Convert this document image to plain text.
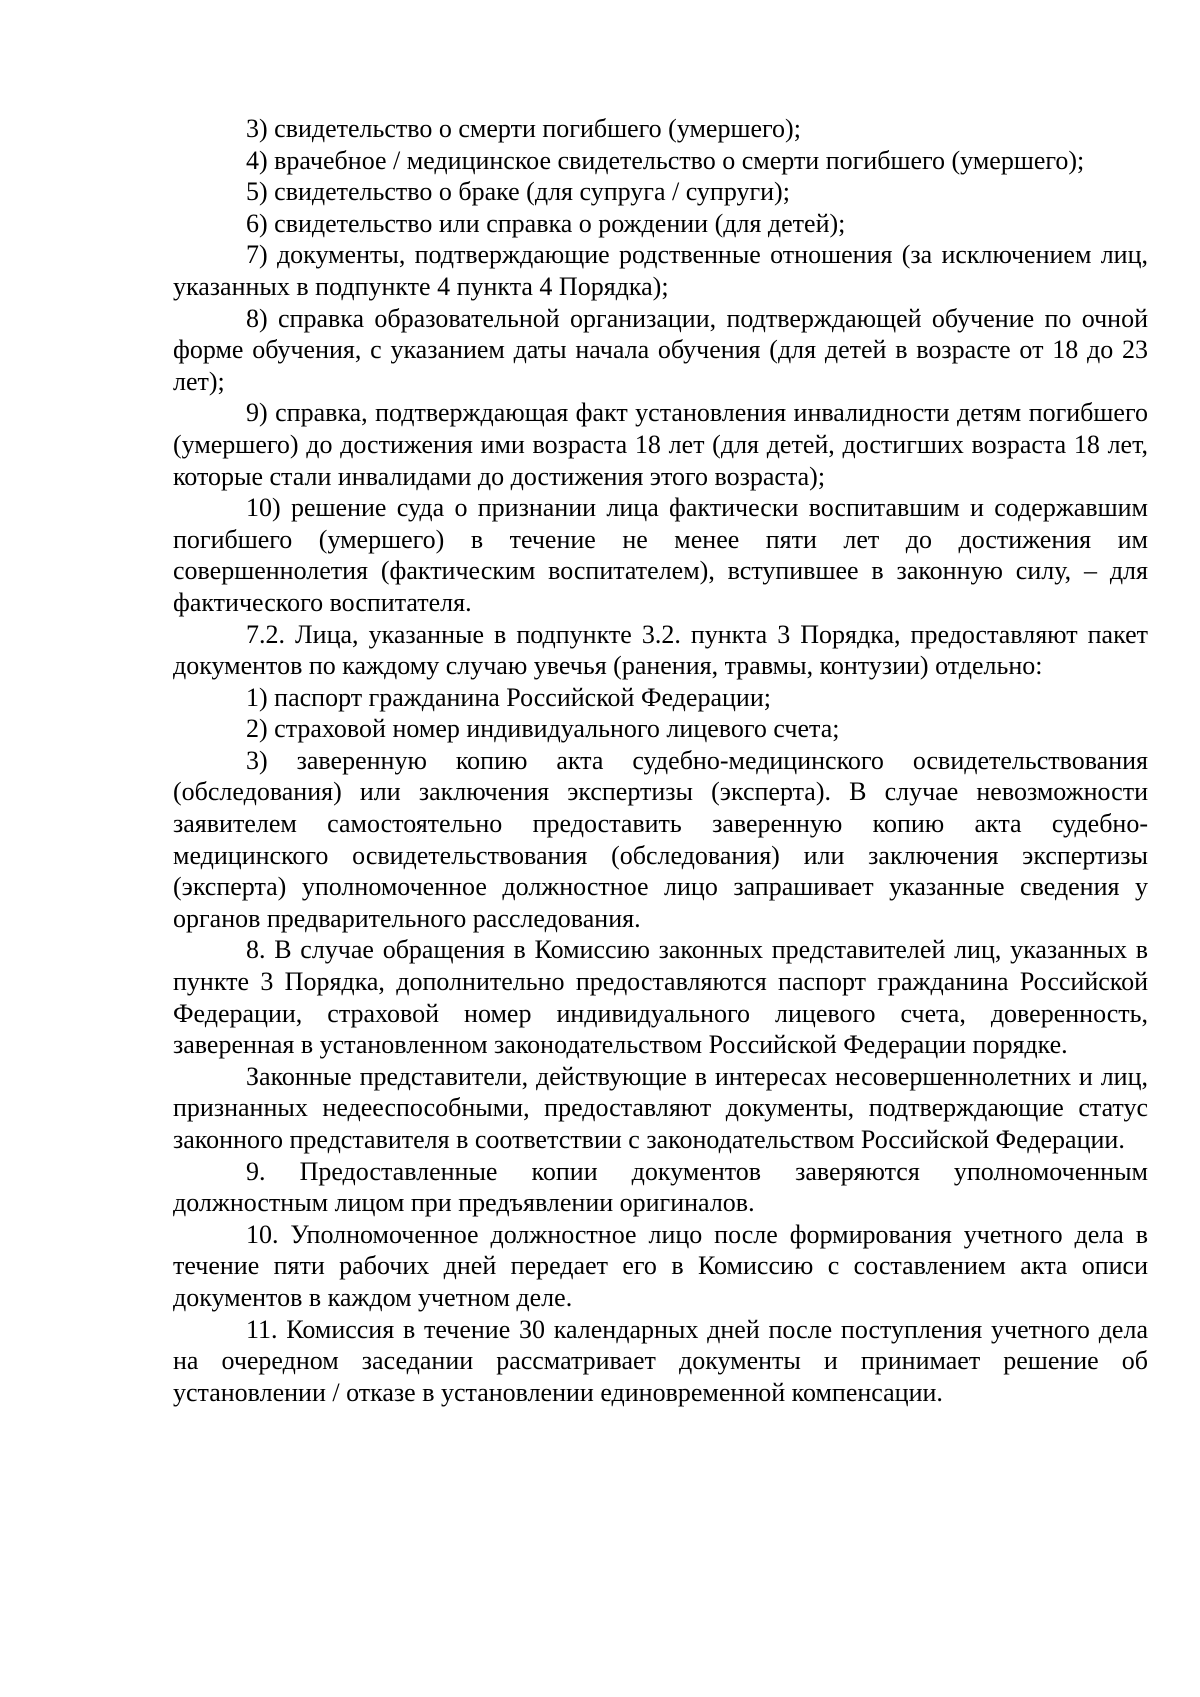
3) свидетельство о смерти погибшего (умершего);

4) врачебное / медицинское свидетельство о смерти погибшего (умершего);

5) свидетельство о браке (для супруга / супруги);

6) свидетельство или справка о рождении (для детей);

7) документы, подтверждающие родственные отношения (за исключением лиц, указанных в подпункте 4 пункта 4 Порядка);

8) справка образовательной организации, подтверждающей обучение по очной форме обучения, с указанием даты начала обучения (для детей в возрасте от 18 до 23 лет);

9) справка, подтверждающая факт установления инвалидности детям погибшего (умершего) до достижения ими возраста 18 лет (для детей, достигших возраста 18 лет, которые стали инвалидами до достижения этого возраста);

10) решение суда о признании лица фактически воспитавшим и содержавшим погибшего (умершего) в течение не менее пяти лет до достижения им совершеннолетия (фактическим воспитателем), вступившее в законную силу, – для фактического воспитателя.

7.2. Лица, указанные в подпункте 3.2. пункта 3 Порядка, предоставляют пакет документов по каждому случаю увечья (ранения, травмы, контузии) отдельно:

1) паспорт гражданина Российской Федерации;

2) страховой номер индивидуального лицевого счета;

3) заверенную копию акта судебно-медицинского освидетельствования (обследования) или заключения экспертизы (эксперта). В случае невозможности заявителем самостоятельно предоставить заверенную копию акта судебно-медицинского освидетельствования (обследования) или заключения экспертизы (эксперта) уполномоченное должностное лицо запрашивает указанные сведения у органов предварительного расследования.

8. В случае обращения в Комиссию законных представителей лиц, указанных в пункте 3 Порядка, дополнительно предоставляются паспорт гражданина Российской Федерации, страховой номер индивидуального лицевого счета, доверенность, заверенная в установленном законодательством Российской Федерации порядке.

Законные представители, действующие в интересах несовершеннолетних и лиц, признанных недееспособными, предоставляют документы, подтверждающие статус законного представителя в соответствии с законодательством Российской Федерации.

9. Предоставленные копии документов заверяются уполномоченным должностным лицом при предъявлении оригиналов.

10. Уполномоченное должностное лицо после формирования учетного дела в течение пяти рабочих дней передает его в Комиссию с составлением акта описи документов в каждом учетном деле.

11. Комиссия в течение 30 календарных дней после поступления учетного дела на очередном заседании рассматривает документы и принимает решение об установлении / отказе в установлении единовременной компенсации.
